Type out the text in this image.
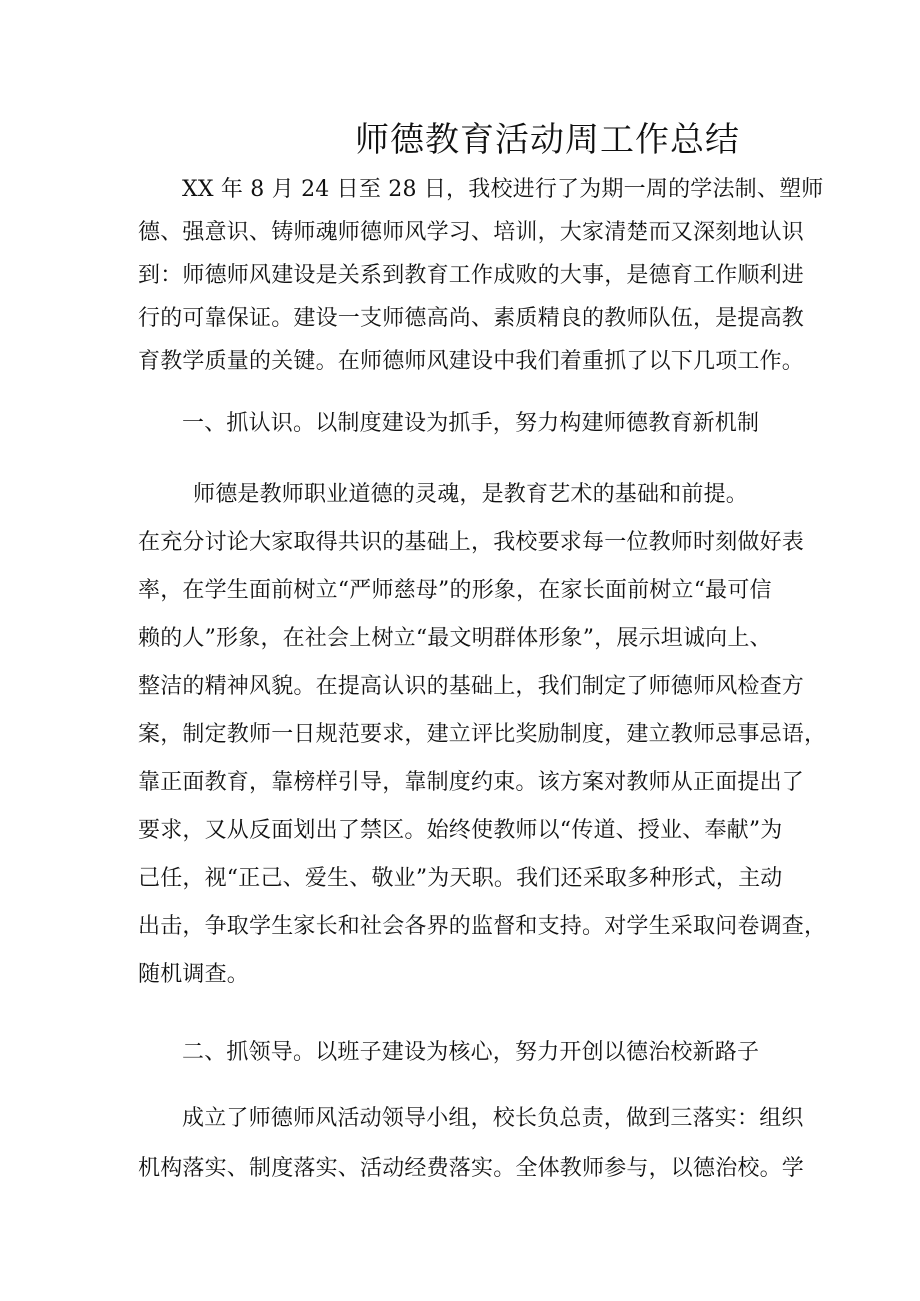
师德教育活动周工作总结
XX 年 8 月 24 日至 28 日，我校进行了为期一周的学法制、塑师
德、强意识、铸师魂师德师风学习、培训，大家清楚而又深刻地认识
到：师德师风建设是关系到教育工作成败的大事，是德育工作顺利进
行的可靠保证。建设一支师德高尚、素质精良的教师队伍，是提高教
育教学质量的关键。在师德师风建设中我们着重抓了以下几项工作。
一、抓认识。以制度建设为抓手，努力构建师德教育新机制
师德是教师职业道德的灵魂，是教育艺术的基础和前提。
在充分讨论大家取得共识的基础上，我校要求每一位教师时刻做好表
率，在学生面前树立“严师慈母”的形象，在家长面前树立“最可信
赖的人”形象，在社会上树立“最文明群体形象”，展示坦诚向上、
整洁的精神风貌。在提高认识的基础上，我们制定了师德师风检查方
案，制定教师一日规范要求，建立评比奖励制度，建立教师忌事忌语，
靠正面教育，靠榜样引导，靠制度约束。该方案对教师从正面提出了
要求，又从反面划出了禁区。始终使教师以“传道、授业、奉献”为
己任，视“正己、爱生、敬业”为天职。我们还采取多种形式，主动
出击，争取学生家长和社会各界的监督和支持。对学生采取问卷调查，
随机调查。
二、抓领导。以班子建设为核心，努力开创以德治校新路子
成立了师德师风活动领导小组，校长负总责，做到三落实：组织
机构落实、制度落实、活动经费落实。全体教师参与，以德治校。学
